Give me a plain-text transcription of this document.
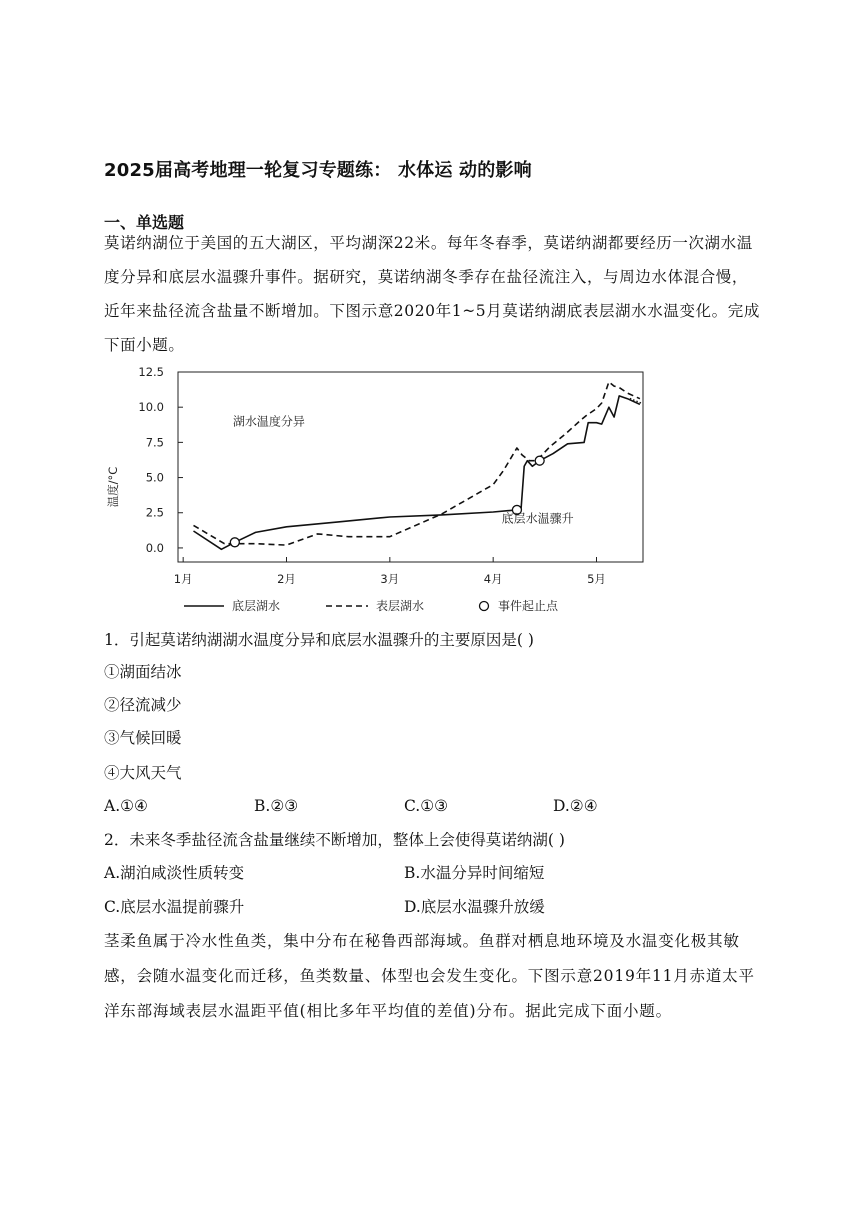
2025届高考地理一轮复习专题练： 水体运 动的影响
一、单选题

莫诺纳湖位于美国的五大湖区，平均湖深22米。每年冬春季，莫诺纳湖都要经历一次湖水温度分异和底层水温骤升事件。据研究，莫诺纳湖冬季存在盐径流注入，与周边水体混合慢，近年来盐径流含盐量不断增加。下图示意2020年1~5月莫诺纳湖底表层湖水水温变化。完成下面小题。

0.0
2.5
5.0
7.5
10.0
12.5
1月	2月	3月	4月	5月
温度/°C
湖水温度分异
底层水温骤升
底层湖水	表层湖水	事件起止点
1．引起莫诺纳湖湖水温度分异和底层水温骤升的主要原因是( )
①湖面结冰
②径流减少
③气候回暖
④大风天气
A.①④	B.②③	C.①③	D.②④
2．未来冬季盐径流含盐量继续不断增加，整体上会使得莫诺纳湖( )
A.湖泊咸淡性质转变	B.水温分异时间缩短
C.底层水温提前骤升	D.底层水温骤升放缓

茎柔鱼属于冷水性鱼类，集中分布在秘鲁西部海域。鱼群对栖息地环境及水温变化极其敏感，会随水温变化而迁移，鱼类数量、体型也会发生变化。下图示意2019年11月赤道太平洋东部海域表层水温距平值(相比多年平均值的差值)分布。据此完成下面小题。
